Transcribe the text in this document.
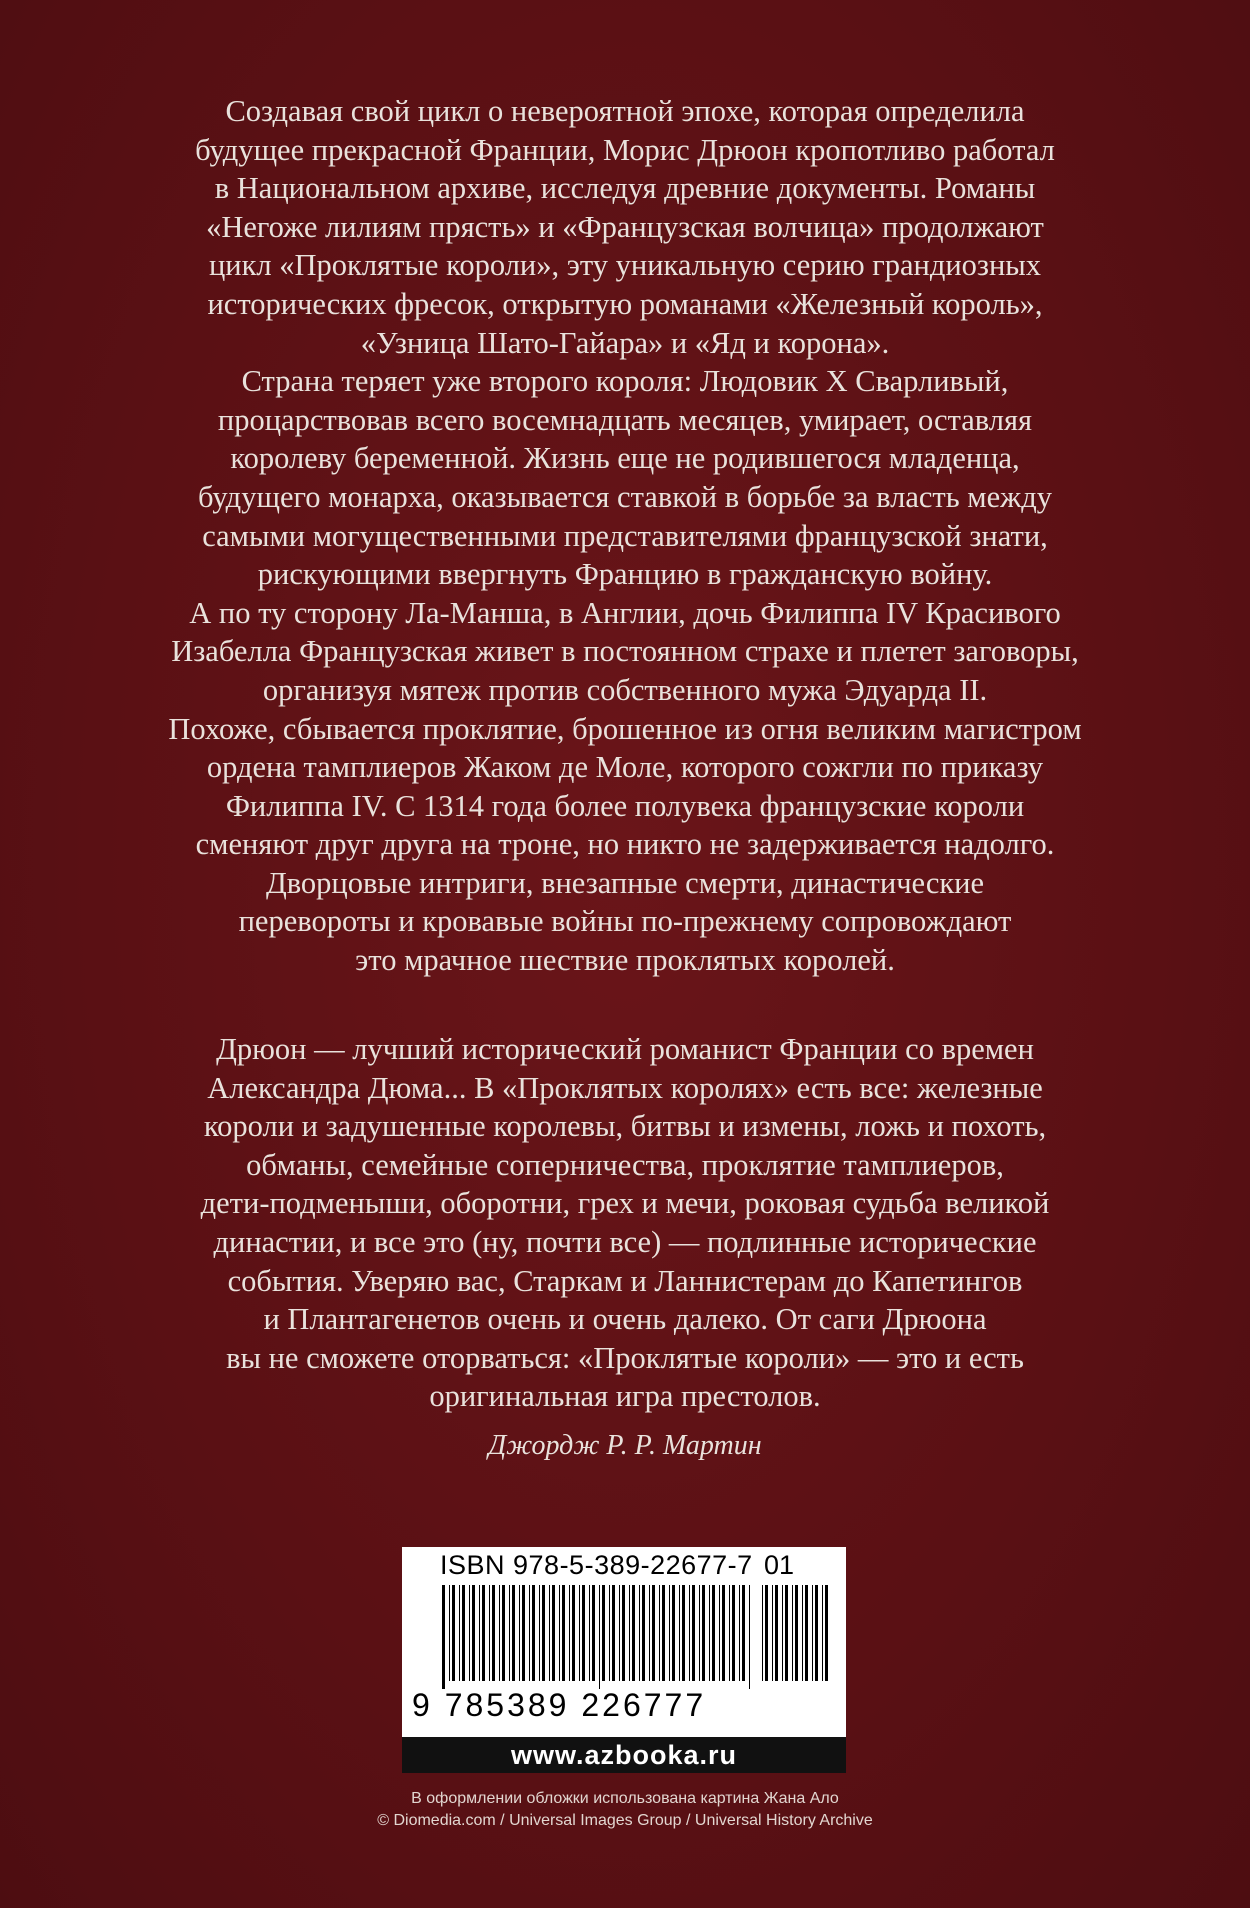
Создавая свой цикл о невероятной эпохе, которая определила

будущее прекрасной Франции, Морис Дрюон кропотливо работал

в Национальном архиве, исследуя древние документы. Романы

«Негоже лилиям прясть» и «Французская волчица» продолжают

цикл «Проклятые короли», эту уникальную серию грандиозных

исторических фресок, открытую романами «Железный король»,

«Узница Шато-Гайара» и «Яд и корона».

Страна теряет уже второго короля: Людовик X Сварливый,

процарствовав всего восемнадцать месяцев, умирает, оставляя

королеву беременной. Жизнь еще не родившегося младенца,

будущего монарха, оказывается ставкой в борьбе за власть между

самыми могущественными представителями французской знати,

рискующими ввергнуть Францию в гражданскую войну.

А по ту сторону Ла-Манша, в Англии, дочь Филиппа IV Красивого

Изабелла Французская живет в постоянном страхе и плетет заговоры,

организуя мятеж против собственного мужа Эдуарда II.

Похоже, сбывается проклятие, брошенное из огня великим магистром

ордена тамплиеров Жаком де Моле, которого сожгли по приказу

Филиппа IV. С 1314 года более полувека французские короли

сменяют друг друга на троне, но никто не задерживается надолго.

Дворцовые интриги, внезапные смерти, династические

перевороты и кровавые войны по-прежнему сопровождают

это мрачное шествие проклятых королей.

Дрюон — лучший исторический романист Франции со времен

Александра Дюма... В «Проклятых королях» есть все: железные

короли и задушенные королевы, битвы и измены, ложь и похоть,

обманы, семейные соперничества, проклятие тамплиеров,

дети-подменыши, оборотни, грех и мечи, роковая судьба великой

династии, и все это (ну, почти все) — подлинные исторические

события. Уверяю вас, Старкам и Ланнистерам до Капетингов

и Плантагенетов очень и очень далеко. От саги Дрюона

вы не сможете оторваться: «Проклятые короли» — это и есть

оригинальная игра престолов.

Джордж Р. Р. Мартин
ISBN 978-5-389-22677-7 01
9 785389 226777
www.azbooka.ru
В оформлении обложки использована картина Жана Ало
© Diomedia.com / Universal Images Group / Universal History Archive
